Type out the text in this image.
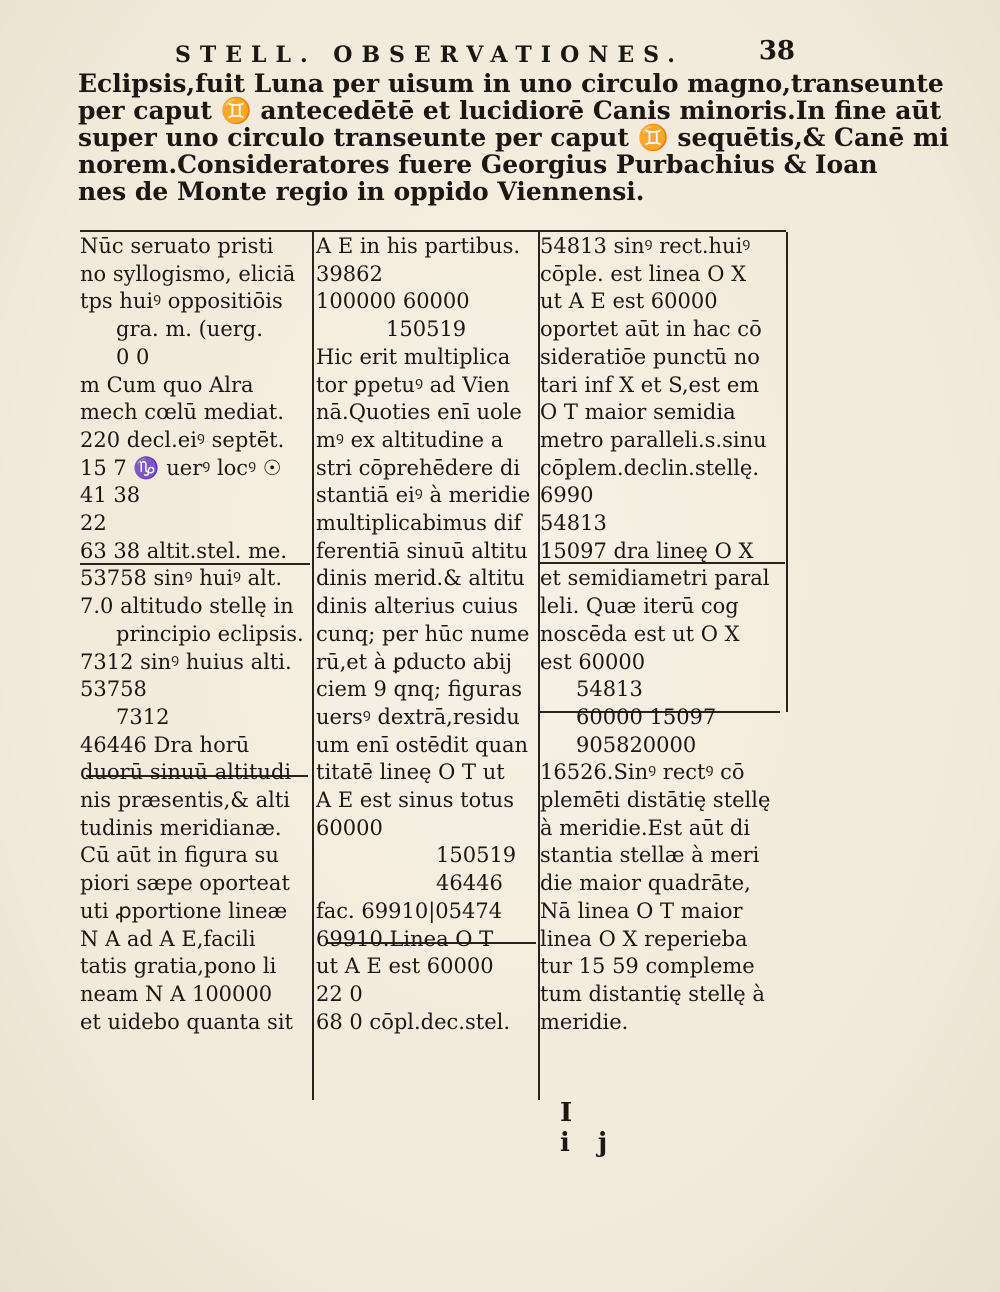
STELL. OBSERVATIONES.	38
Eclipsis,fuit Luna per uisum in uno circulo magno,transeunte
per caput ♊ antecedētē et lucidiorē Canis minoris.In fine aūt
super uno circulo transeunte per caput ♊ sequētis,& Canē mi
norem.Consideratores fuere Georgius Purbachius & Ioan
nes de Monte regio in oppido Viennensi.
Nūc seruato pristi
no syllogismo, eliciā
tps huiꝰ oppositiōis
gra. m. (uerg.
0 0
m Cum quo Alra
mech cœlū mediat.
220 decl.eiꝰ septēt.
15 7 ♑ uerꝰ locꝰ ☉
41 38
22
63 38 altit.stel. me.
53758 sinꝰ huiꝰ alt.
7.0 altitudo stellę in
principio eclipsis.
7312 sinꝰ huius alti.
53758
7312
46446 Dra horū
duorū sinuū altitudi
nis præsentis,& alti
tudinis meridianæ.
Cū aūt in figura su
piori sæpe oporteat
uti ꝓportione lineæ
N A ad A E,facili
tatis gratia,pono li
neam N A 100000
et uidebo quanta sit
A E in his partibus.
39862
100000 60000
150519
Hic erit multiplica
tor ꝑpetuꝰ ad Vien
nā.Quoties enī uole
mꝰ ex altitudine a
stri cōprehēdere di
stantiā eiꝰ à meridie
multiplicabimus dif
ferentiā sinuū altitu
dinis merid.& altitu
dinis alterius cuius
cunq; per hūc nume
rū,et à ꝑducto abij
ciem 9 qnq; figuras
uersꝰ dextrā,residu
um enī ostēdit quan
titatē lineę O T ut
A E est sinus totus
60000
150519
46446
fac. 69910|05474
69910.Linea O T
ut A E est 60000
22 0
68 0 cōpl.dec.stel.
54813 sinꝰ rect.huiꝰ
cōple. est linea O X
ut A E est 60000
oportet aūt in hac cō
sideratiōe punctū no
tari inf X et S,est em
O T maior semidia
metro paralleli.s.sinu
cōplem.declin.stellę.
6990
54813
15097 dra lineę O X
et semidiametri paral
leli. Quæ iterū cog
noscēda est ut O X
est 60000
54813
60000 15097
905820000
16526.Sinꝰ rectꝰ cō
plemēti distātię stellę
à meridie.Est aūt di
stantia stellæ à meri
die maior quadrāte,
Nā linea O T maior
linea O X reperieba
tur 15 59 compleme
tum distantię stellę à
meridie.
I ij
